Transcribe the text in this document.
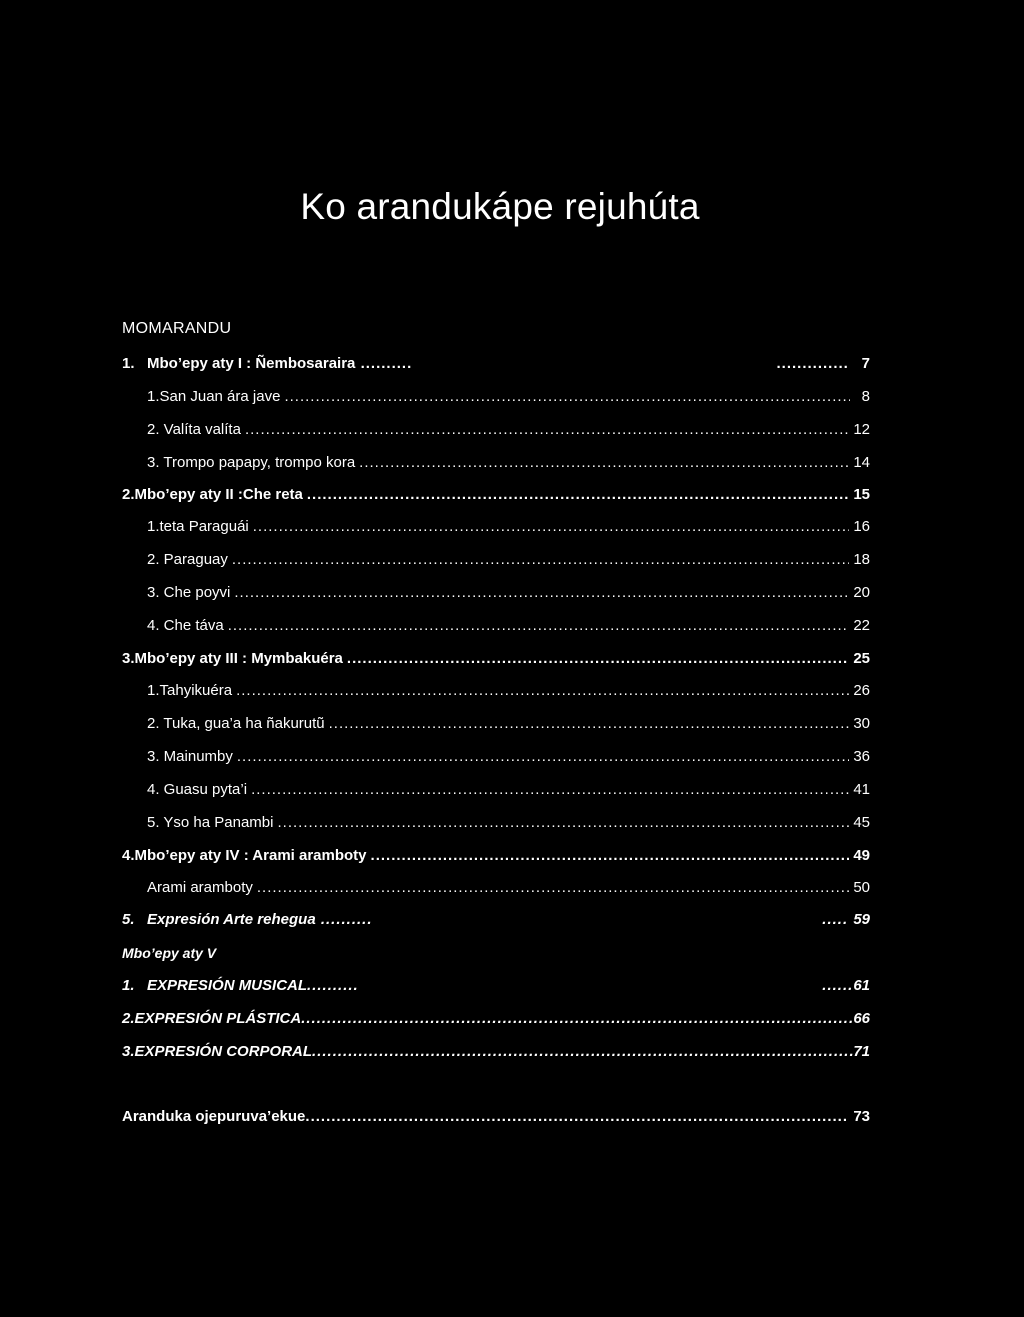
Ko arandukápe rejuhúta
MOMARANDU
1. Mbo’epy aty I : Ñembosaraira ..........	.............. 7
1.San Juan ára jave .....	8
2. Valíta valíta .....	12
3. Trompo papapy, trompo kora .....	14
2. Mbo’epy aty II :Che reta .....	15
1.teta Paraguái .....	16
2. Paraguay .....	18
3. Che poyvi .....	20
4. Che táva .....	22
3. Mbo’epy aty III : Mymbakuéra .....	25
1.Tahyikuéra .....	26
2. Tuka, gua’a ha ñakurutũ .....	30
3. Mainumby .....	36
4. Guasu pyta’i .....	41
5. Yso ha Panambi .....	45
4. Mbo’epy aty IV : Arami aramboty .....	49
Arami aramboty .....	50
5. Expresión Arte rehegua ..........	..... 59
Mbo’epy aty V
1. EXPRESIÓN MUSICAL ..........	...... 61
2. EXPRESIÓN PLÁSTICA .....	66
3. EXPRESIÓN CORPORAL .....	71
Aranduka ojepuruva’ekue .....	73
